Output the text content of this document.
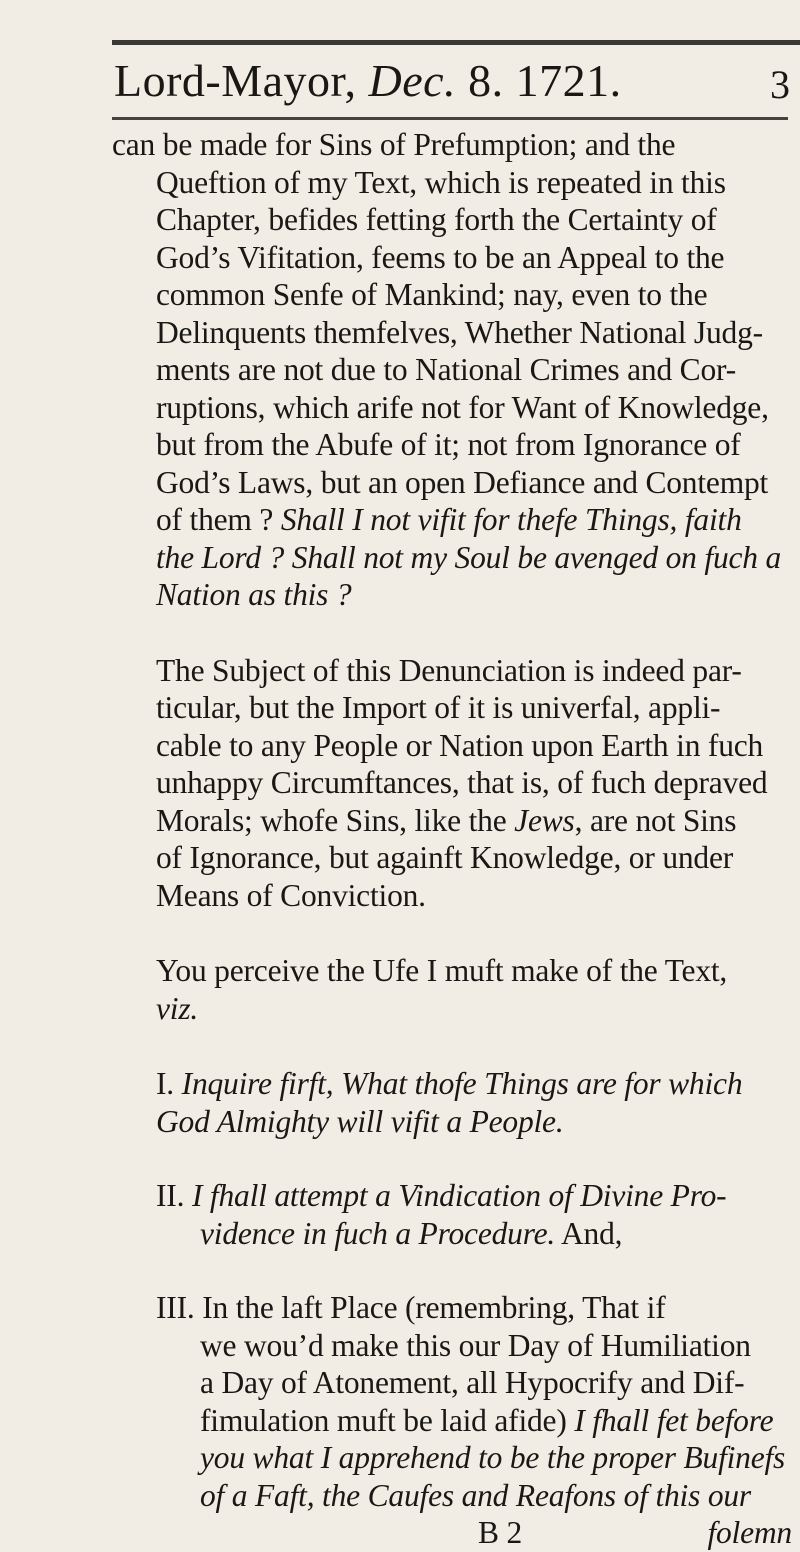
Lord-Mayor, Dec. 8. 1721.	3

can be made for Sins of Prefumption; and the

Queftion of my Text, which is repeated in this

Chapter, befides fetting forth the Certainty of

God’s Vifitation, feems to be an Appeal to the

common Senfe of Mankind; nay, even to the

Delinquents themfelves, Whether National Judg-

ments are not due to National Crimes and Cor-

ruptions, which arife not for Want of Knowledge,

but from the Abufe of it; not from Ignorance of

God’s Laws, but an open Defiance and Contempt

of them ? Shall I not vifit for thefe Things, faith

the Lord ? Shall not my Soul be avenged on fuch a

Nation as this ?

The Subject of this Denunciation is indeed par-

ticular, but the Import of it is univerfal, appli-

cable to any People or Nation upon Earth in fuch

unhappy Circumftances, that is, of fuch depraved

Morals; whofe Sins, like the Jews, are not Sins

of Ignorance, but againft Knowledge, or under

Means of Conviction.

You perceive the Ufe I muft make of the Text,

viz.

I. Inquire firft, What thofe Things are for which

God Almighty will vifit a People.

II. I fhall attempt a Vindication of Divine Pro-

vidence in fuch a Procedure. And,

III. In the laft Place (remembring, That if

we wou’d make this our Day of Humiliation

a Day of Atonement, all Hypocrify and Dif-

fimulation muft be laid afide) I fhall fet before

you what I apprehend to be the proper Bufinefs

of a Faft, the Caufes and Reafons of this our

B 2	folemn
